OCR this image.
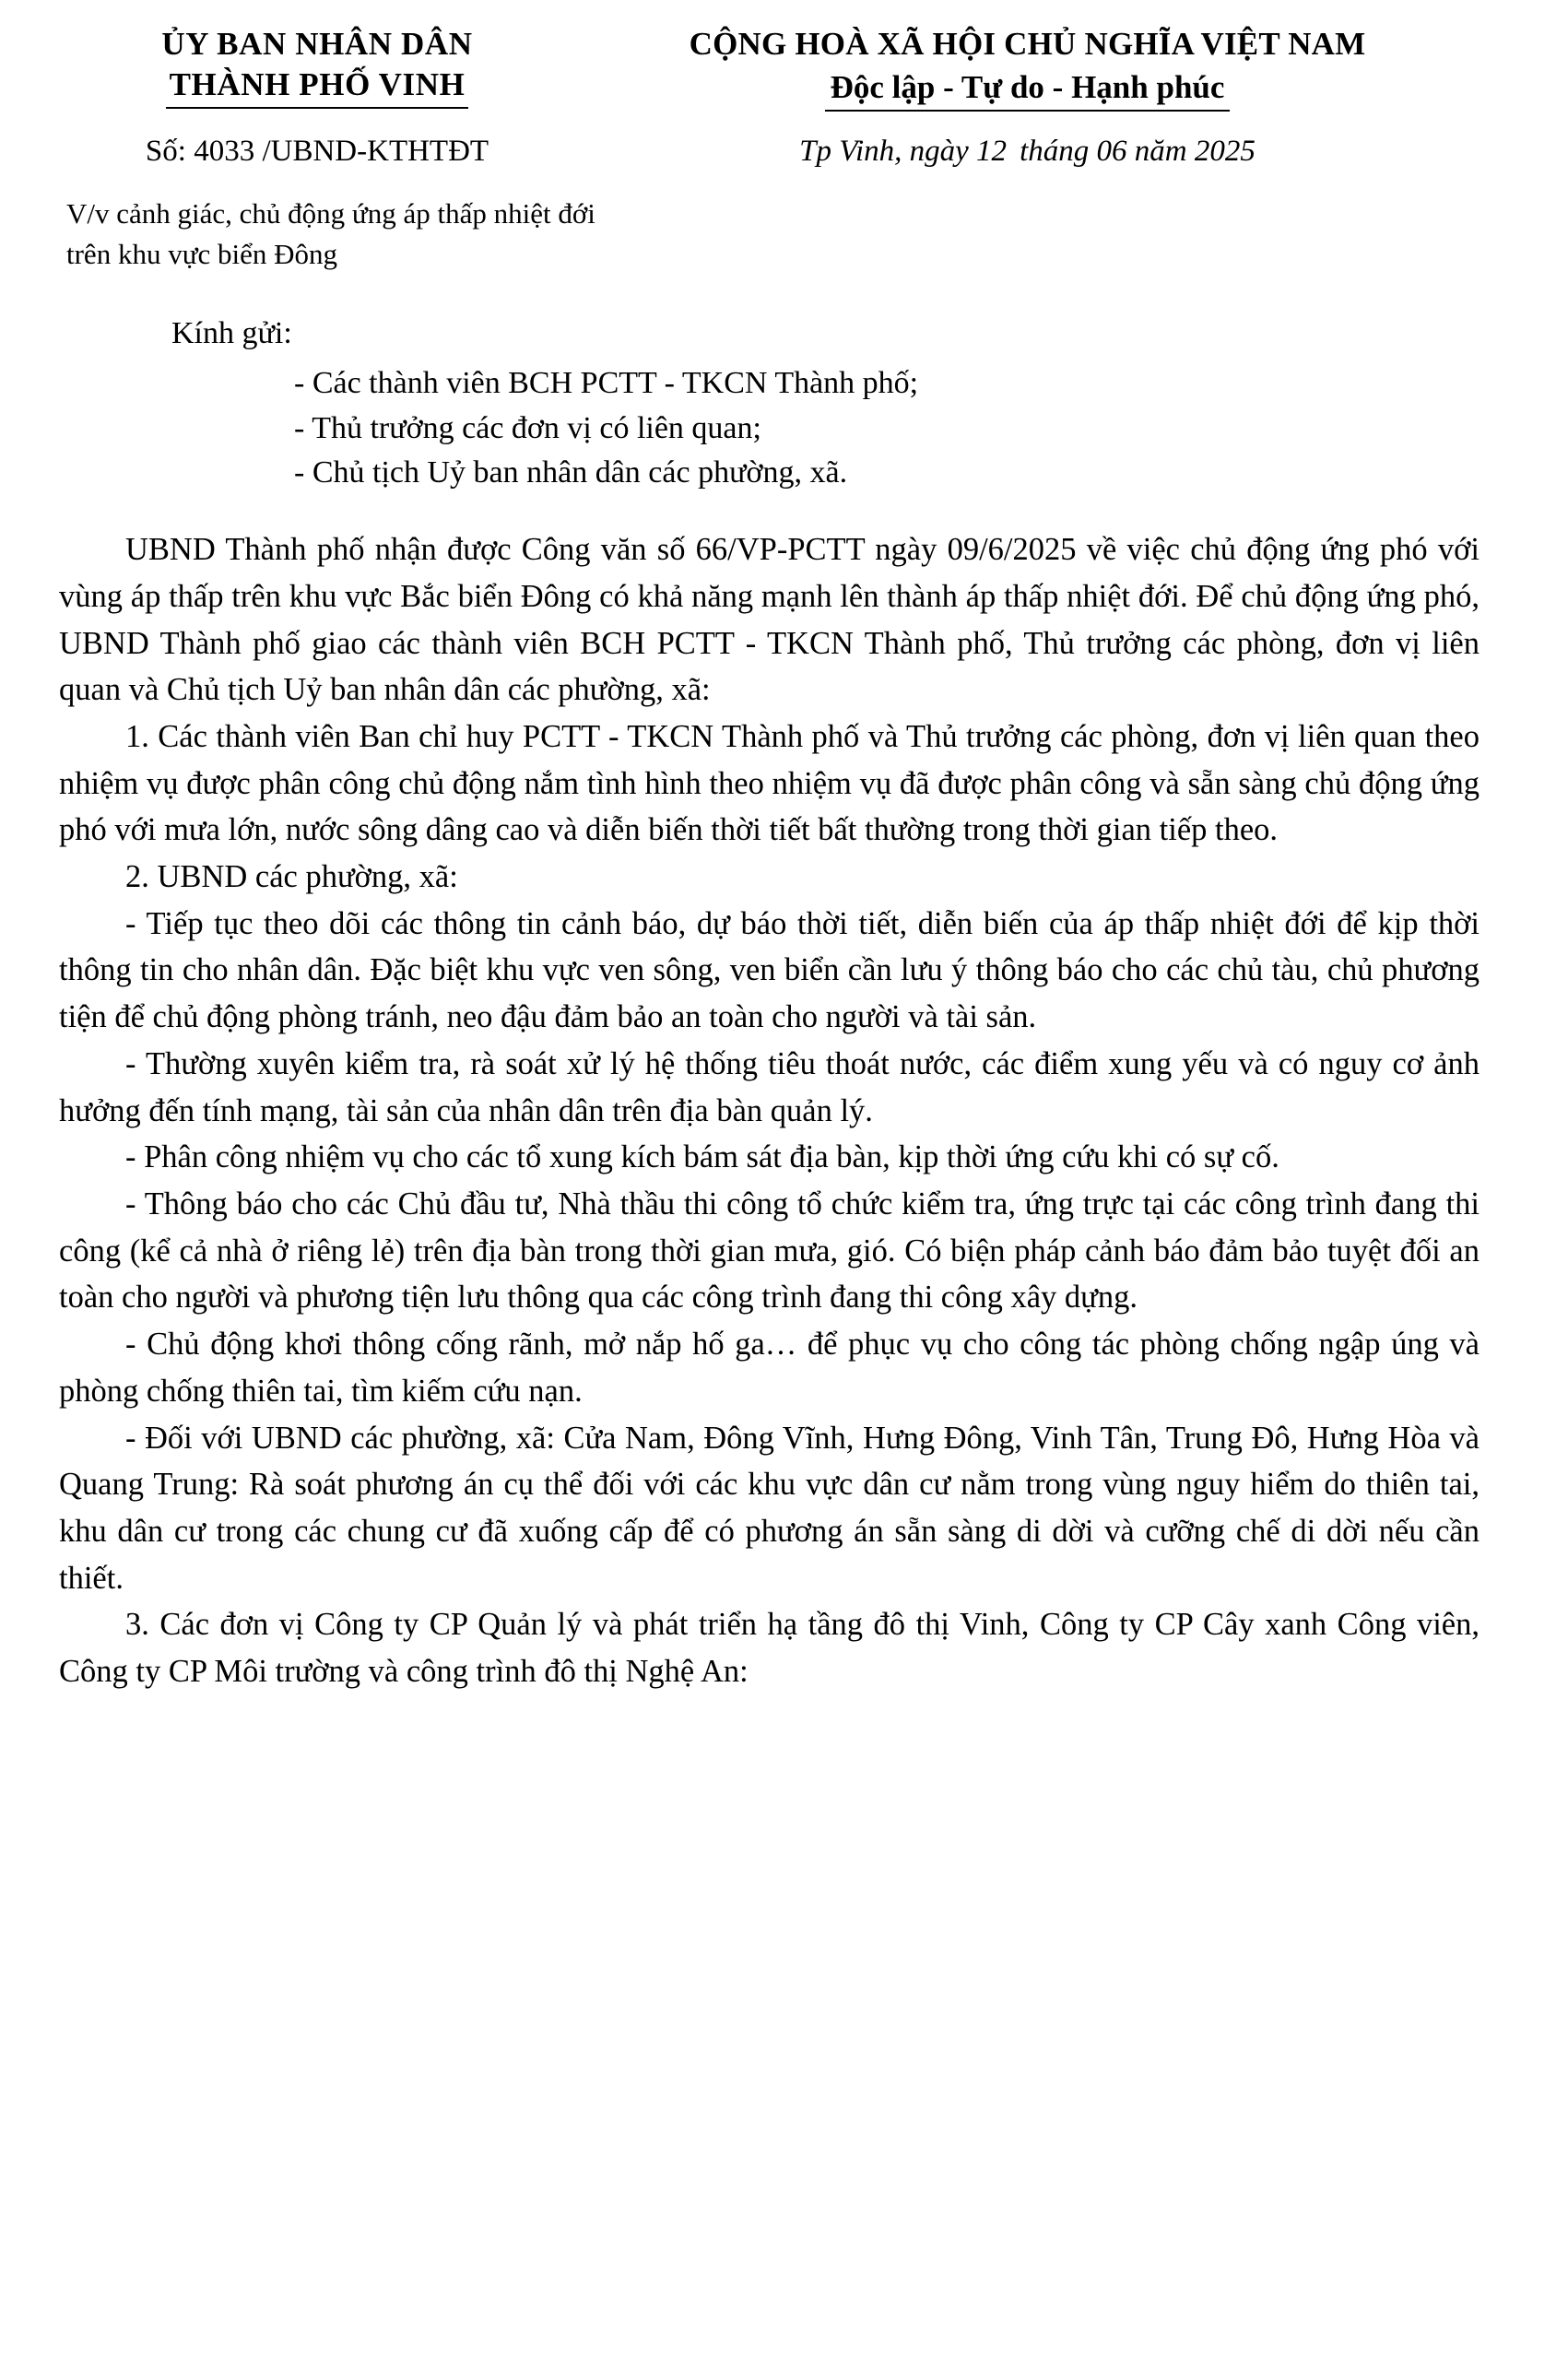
ỦY BAN NHÂN DÂN
THÀNH PHỐ VINH
CỘNG HOÀ XÃ HỘI CHỦ NGHĨA VIỆT NAM
Độc lập - Tự do - Hạnh phúc
Số: 4033 /UBND-KTHTĐT	Tp Vinh, ngày 12 tháng 06 năm 2025
V/v cảnh giác, chủ động ứng áp thấp nhiệt đới trên khu vực biển Đông
Kính gửi:
- Các thành viên BCH PCTT - TKCN Thành phố;
- Thủ trưởng các đơn vị có liên quan;
- Chủ tịch Uỷ ban nhân dân các phường, xã.

UBND Thành phố nhận được Công văn số 66/VP-PCTT ngày 09/6/2025 về việc chủ động ứng phó với vùng áp thấp trên khu vực Bắc biển Đông có khả năng mạnh lên thành áp thấp nhiệt đới. Để chủ động ứng phó, UBND Thành phố giao các thành viên BCH PCTT - TKCN Thành phố, Thủ trưởng các phòng, đơn vị liên quan và Chủ tịch Uỷ ban nhân dân các phường, xã:

1. Các thành viên Ban chỉ huy PCTT - TKCN Thành phố và Thủ trưởng các phòng, đơn vị liên quan theo nhiệm vụ được phân công chủ động nắm tình hình theo nhiệm vụ đã được phân công và sẵn sàng chủ động ứng phó với mưa lớn, nước sông dâng cao và diễn biến thời tiết bất thường trong thời gian tiếp theo.

2. UBND các phường, xã:

- Tiếp tục theo dõi các thông tin cảnh báo, dự báo thời tiết, diễn biến của áp thấp nhiệt đới để kịp thời thông tin cho nhân dân. Đặc biệt khu vực ven sông, ven biển cần lưu ý thông báo cho các chủ tàu, chủ phương tiện để chủ động phòng tránh, neo đậu đảm bảo an toàn cho người và tài sản.

- Thường xuyên kiểm tra, rà soát xử lý hệ thống tiêu thoát nước, các điểm xung yếu và có nguy cơ ảnh hưởng đến tính mạng, tài sản của nhân dân trên địa bàn quản lý.

- Phân công nhiệm vụ cho các tổ xung kích bám sát địa bàn, kịp thời ứng cứu khi có sự cố.

- Thông báo cho các Chủ đầu tư, Nhà thầu thi công tổ chức kiểm tra, ứng trực tại các công trình đang thi công (kể cả nhà ở riêng lẻ) trên địa bàn trong thời gian mưa, gió. Có biện pháp cảnh báo đảm bảo tuyệt đối an toàn cho người và phương tiện lưu thông qua các công trình đang thi công xây dựng.

- Chủ động khơi thông cống rãnh, mở nắp hố ga… để phục vụ cho công tác phòng chống ngập úng và phòng chống thiên tai, tìm kiếm cứu nạn.

- Đối với UBND các phường, xã: Cửa Nam, Đông Vĩnh, Hưng Đông, Vinh Tân, Trung Đô, Hưng Hòa và Quang Trung: Rà soát phương án cụ thể đối với các khu vực dân cư nằm trong vùng nguy hiểm do thiên tai, khu dân cư trong các chung cư đã xuống cấp để có phương án sẵn sàng di dời và cưỡng chế di dời nếu cần thiết.

3. Các đơn vị Công ty CP Quản lý và phát triển hạ tầng đô thị Vinh, Công ty CP Cây xanh Công viên, Công ty CP Môi trường và công trình đô thị Nghệ An:
